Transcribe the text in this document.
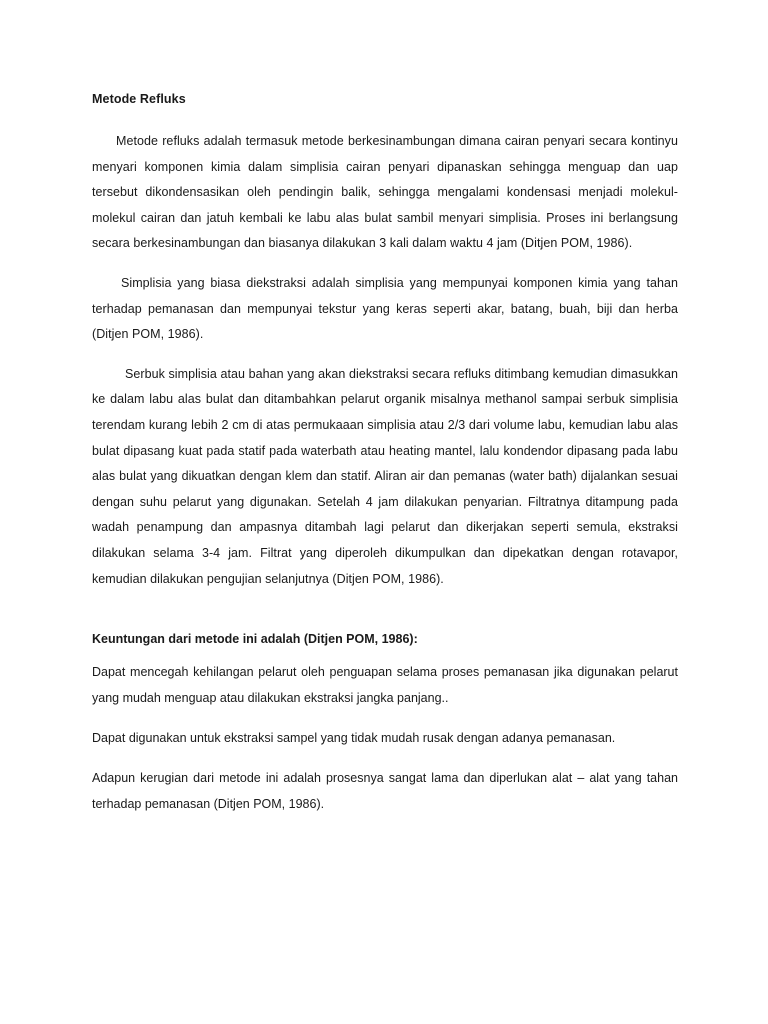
Metode Refluks

Metode refluks adalah termasuk metode berkesinambungan dimana cairan penyari secara kontinyu menyari komponen kimia dalam simplisia cairan penyari dipanaskan sehingga menguap dan uap tersebut dikondensasikan oleh pendingin balik, sehingga mengalami kondensasi menjadi molekul-molekul cairan dan jatuh kembali ke labu alas bulat sambil menyari simplisia. Proses ini berlangsung secara berkesinambungan dan biasanya dilakukan 3 kali dalam waktu 4 jam (Ditjen POM, 1986).

Simplisia yang biasa diekstraksi adalah simplisia yang mempunyai komponen kimia yang tahan terhadap pemanasan dan mempunyai tekstur yang keras seperti akar, batang, buah, biji dan herba (Ditjen POM, 1986).

Serbuk simplisia atau bahan yang akan diekstraksi secara refluks ditimbang kemudian dimasukkan ke dalam labu alas bulat dan ditambahkan pelarut organik misalnya methanol sampai serbuk simplisia terendam kurang lebih 2 cm di atas permukaaan simplisia atau 2/3 dari volume labu, kemudian labu alas bulat dipasang kuat pada statif pada waterbath atau heating mantel, lalu kondendor dipasang pada labu alas bulat yang dikuatkan dengan klem dan statif. Aliran air dan pemanas (water bath) dijalankan sesuai dengan suhu pelarut yang digunakan. Setelah 4 jam dilakukan penyarian. Filtratnya ditampung pada wadah penampung dan ampasnya ditambah lagi pelarut dan dikerjakan seperti semula, ekstraksi dilakukan selama 3-4 jam. Filtrat yang diperoleh dikumpulkan dan dipekatkan dengan rotavapor, kemudian dilakukan pengujian selanjutnya (Ditjen POM, 1986).

Keuntungan dari metode ini adalah (Ditjen POM, 1986):

Dapat mencegah kehilangan pelarut oleh penguapan selama proses pemanasan jika digunakan pelarut yang mudah menguap atau dilakukan ekstraksi jangka panjang..

Dapat digunakan untuk ekstraksi sampel yang tidak mudah rusak dengan adanya pemanasan.

Adapun kerugian dari metode ini adalah prosesnya sangat lama dan diperlukan alat – alat yang tahan terhadap pemanasan (Ditjen POM, 1986).
